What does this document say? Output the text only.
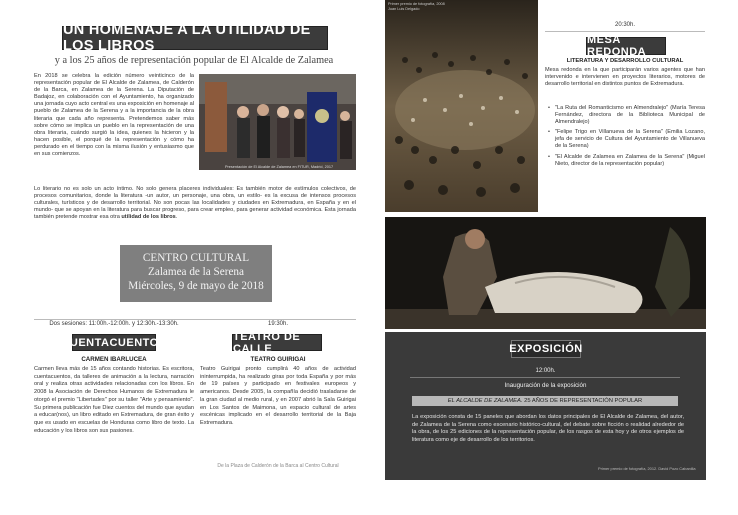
UN HOMENAJE A LA UTILIDAD DE LOS LIBROS
y a los 25 años de representación popular de El Alcalde de Zalamea
En 2018 se celebra la edición número veinticinco de la representación popular de El Alcalde de Zalamea, de Calderón de la Barca, en Zalamea de la Serena. La Diputación de Badajoz, en colaboración con el Ayuntamiento, ha organizado una jornada cuyo acto central es una exposición en homenaje al pueblo de Zalamea de la Serena y a la importancia de la obra literaria que cada año representa. Pretendemos saber más sobre cómo se implica un pueblo en la representación de una obra literaria, cuándo surgió la idea, quienes la hicieron y la hacen posible, el porqué de la representación y cómo ha perdurado en el tiempo con la misma ilusión y entusiasmo que en sus comienzos.
Presentación de El Alcalde de Zalamea en FITUR, Madrid, 2017
Lo literario no es solo un acto íntimo. No solo genera placeres individuales: Es también motor de estímulos colectivos, de procesos comunitarios, donde la literatura -un autor, un personaje, una obra, un estilo- es la excusa de intensos procesos culturales, turísticos y de desarrollo territorial. No son pocas las localidades y ciudades en Extremadura, en España y en el mundo- que se apoyan en la literatura para buscar progreso, para crear empleo, para generar actividad económica. Esta jornada también pretende mostrar esa otra utilidad de los libros.
CENTRO CULTURAL
Zalamea de la Serena
Miércoles, 9 de mayo de 2018
Dos sesiones: 11:00h.-12:00h. y 12:30h.-13:30h.
CUENTACUENTOS
CARMEN IBARLUCEA
Carmen lleva más de 15 años contando historias. Es escritora, cuentacuentos, da talleres de animación a la lectura, narración oral y realiza otras actividades relacionadas con los libros. En 2008 la Asociación de Derechos Humanos de Extremadura le otorgó el premio "Libertades" por su taller "Arte y pensamiento". Su primera publicación fue Diez cuentos del mundo que ayudan a educar(nos), un libro editado en Extremadura, de gran éxito y que es usado en escuelas de Honduras como libro de texto. La educación y los libros son sus pasiones.
19:30h.
TEATRO DE CALLE
TEATRO GUIRIGAI
Teatro Guirigai pronto cumplirá 40 años de actividad ininterrumpida, ha realizado giras por toda España y por más de 19 países y participado en festivales europeos y americanos. Desde 2005, la compañía decidió trasladarse de la gran ciudad al medio rural, y en 2007 abrió la Sala Guirigai en Los Santos de Maimona, un espacio cultural de artes escénicas implicado en el desarrollo territorial de la Baja Extremadura.
De la Plaza de Calderón de la Barca al Centro Cultural
Primer premio de fotografía, 2008
Juan Luis Delgado
20:30h.
MESA REDONDA
LITERATURA Y DESARROLLO CULTURAL
Mesa redonda en la que participarán varios agentes que han intervenido e intervienen en proyectos literarios, motores de desarrollo territorial en distintos puntos de Extremadura.
• "La Ruta del Romanticismo en Almendralejo" (María Teresa Fernández, directora de la Biblioteca Municipal de Almendralejo)
• "Felipe Trigo en Villanueva de la Serena" (Emilia Lozano, jefa de servicio de Cultura del Ayuntamiento de Villanueva de la Serena)
• "El Alcalde de Zalamea en Zalamea de la Serena" (Miguel Nieto, director de la representación popular)
EXPOSICIÓN
12:00h.
Inauguración de la exposición
EL ALCALDE DE ZALAMEA. 25 AÑOS DE REPRESENTACIÓN POPULAR
La exposición consta de 15 paneles que abordan los datos principales de El Alcalde de Zalamea, del autor, de Zalamea de la Serena como escenario histórico-cultural, del debate sobre ficción o realidad alrededor de la obra, de los 25 ediciones de la representación popular, de los rasgos de esta hoy y de otros ejemplos de literatura como eje de desarrollo de los territorios.
Primer premio de fotografía, 2012. David Pozo Cabanilla
